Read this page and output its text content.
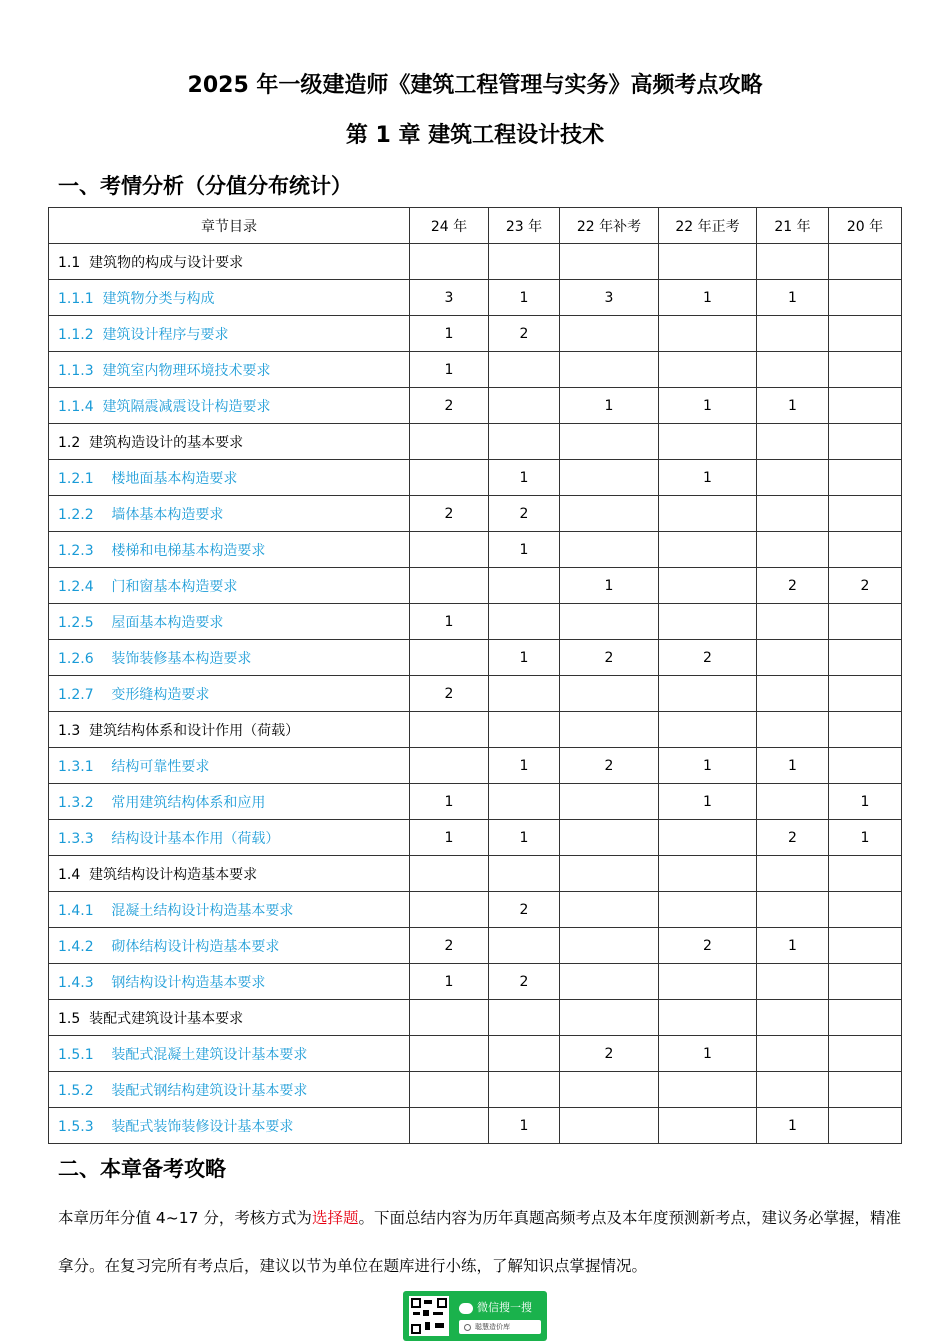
2025 年一级建造师《建筑工程管理与实务》高频考点攻略
第 1 章 建筑工程设计技术
一、考情分析（分值分布统计）
章节目录	24 年	23 年	22 年补考	22 年正考	21 年	20 年
1.1  建筑物的构成与设计要求						
1.1.1  建筑物分类与构成	3	1	3	1	1	
1.1.2  建筑设计程序与要求	1	2				
1.1.3  建筑室内物理环境技术要求	1					
1.1.4  建筑隔震减震设计构造要求	2		1	1	1	
1.2  建筑构造设计的基本要求						
1.2.1    楼地面基本构造要求		1		1		
1.2.2    墙体基本构造要求	2	2				
1.2.3    楼梯和电梯基本构造要求		1				
1.2.4    门和窗基本构造要求			1		2	2
1.2.5    屋面基本构造要求	1					
1.2.6    装饰装修基本构造要求		1	2	2		
1.2.7    变形缝构造要求	2					
1.3  建筑结构体系和设计作用（荷载）						
1.3.1    结构可靠性要求		1	2	1	1	
1.3.2    常用建筑结构体系和应用	1			1		1
1.3.3    结构设计基本作用（荷载）	1	1			2	1
1.4  建筑结构设计构造基本要求						
1.4.1    混凝土结构设计构造基本要求		2				
1.4.2    砌体结构设计构造基本要求	2			2	1	
1.4.3    钢结构设计构造基本要求	1	2				
1.5  装配式建筑设计基本要求						
1.5.1    装配式混凝土建筑设计基本要求			2	1		
1.5.2    装配式钢结构建筑设计基本要求						
1.5.3    装配式装饰装修设计基本要求		1			1	
二、本章备考攻略
本章历年分值 4~17 分，考核方式为选择题。下面总结内容为历年真题高频考点及本年度预测新考点，建议务必掌握，精准拿分。在复习完所有考点后，建议以节为单位在题库进行小练，了解知识点掌握情况。
微信搜一搜
聪慧造价库
